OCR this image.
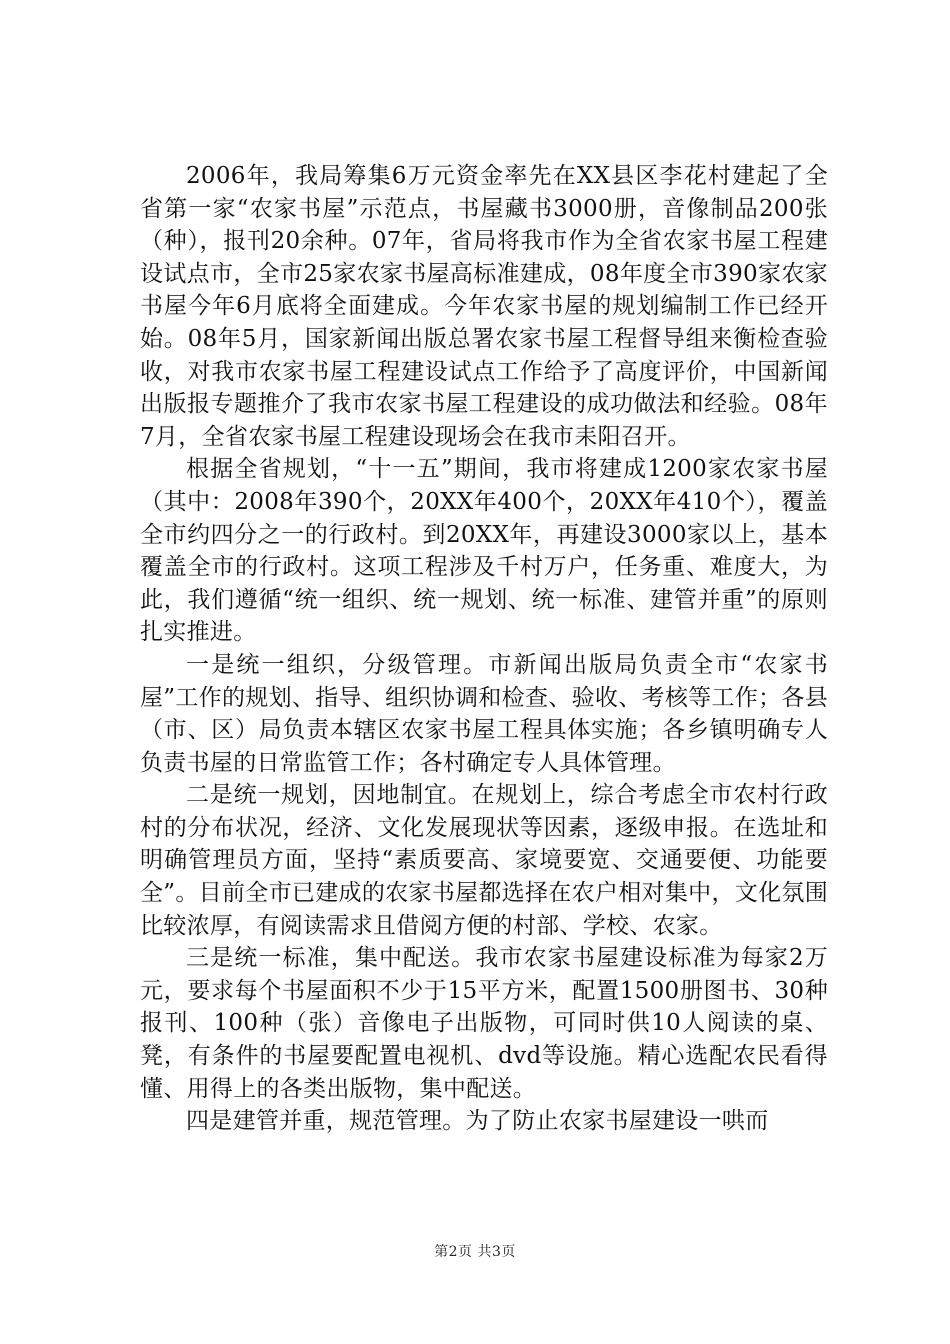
2006年，我局筹集6万元资金率先在XX县区李花村建起了全省第一家“农家书屋”示范点，书屋藏书3000册，音像制品200张（种），报刊20余种。07年，省局将我市作为全省农家书屋工程建设试点市，全市25家农家书屋高标准建成，08年度全市390家农家书屋今年6月底将全面建成。今年农家书屋的规划编制工作已经开始。08年5月，国家新闻出版总署农家书屋工程督导组来衡检查验收，对我市农家书屋工程建设试点工作给予了高度评价，中国新闻出版报专题推介了我市农家书屋工程建设的成功做法和经验。08年7月，全省农家书屋工程建设现场会在我市耒阳召开。

根据全省规划，“十一五”期间，我市将建成1200家农家书屋（其中：2008年390个，20XX年400个，20XX年410个），覆盖全市约四分之一的行政村。到20XX年，再建设3000家以上，基本覆盖全市的行政村。这项工程涉及千村万户，任务重、难度大，为此，我们遵循“统一组织、统一规划、统一标准、建管并重”的原则扎实推进。

一是统一组织，分级管理。市新闻出版局负责全市“农家书屋”工作的规划、指导、组织协调和检查、验收、考核等工作；各县（市、区）局负责本辖区农家书屋工程具体实施；各乡镇明确专人负责书屋的日常监管工作；各村确定专人具体管理。

二是统一规划，因地制宜。在规划上，综合考虑全市农村行政村的分布状况，经济、文化发展现状等因素，逐级申报。在选址和明确管理员方面，坚持“素质要高、家境要宽、交通要便、功能要全”。目前全市已建成的农家书屋都选择在农户相对集中，文化氛围比较浓厚，有阅读需求且借阅方便的村部、学校、农家。

三是统一标准，集中配送。我市农家书屋建设标准为每家2万元，要求每个书屋面积不少于15平方米，配置1500册图书、30种报刊、100种（张）音像电子出版物，可同时供10人阅读的桌、凳，有条件的书屋要配置电视机、dvd等设施。精心选配农民看得懂、用得上的各类出版物，集中配送。

四是建管并重，规范管理。为了防止农家书屋建设一哄而

第2页 共3页
